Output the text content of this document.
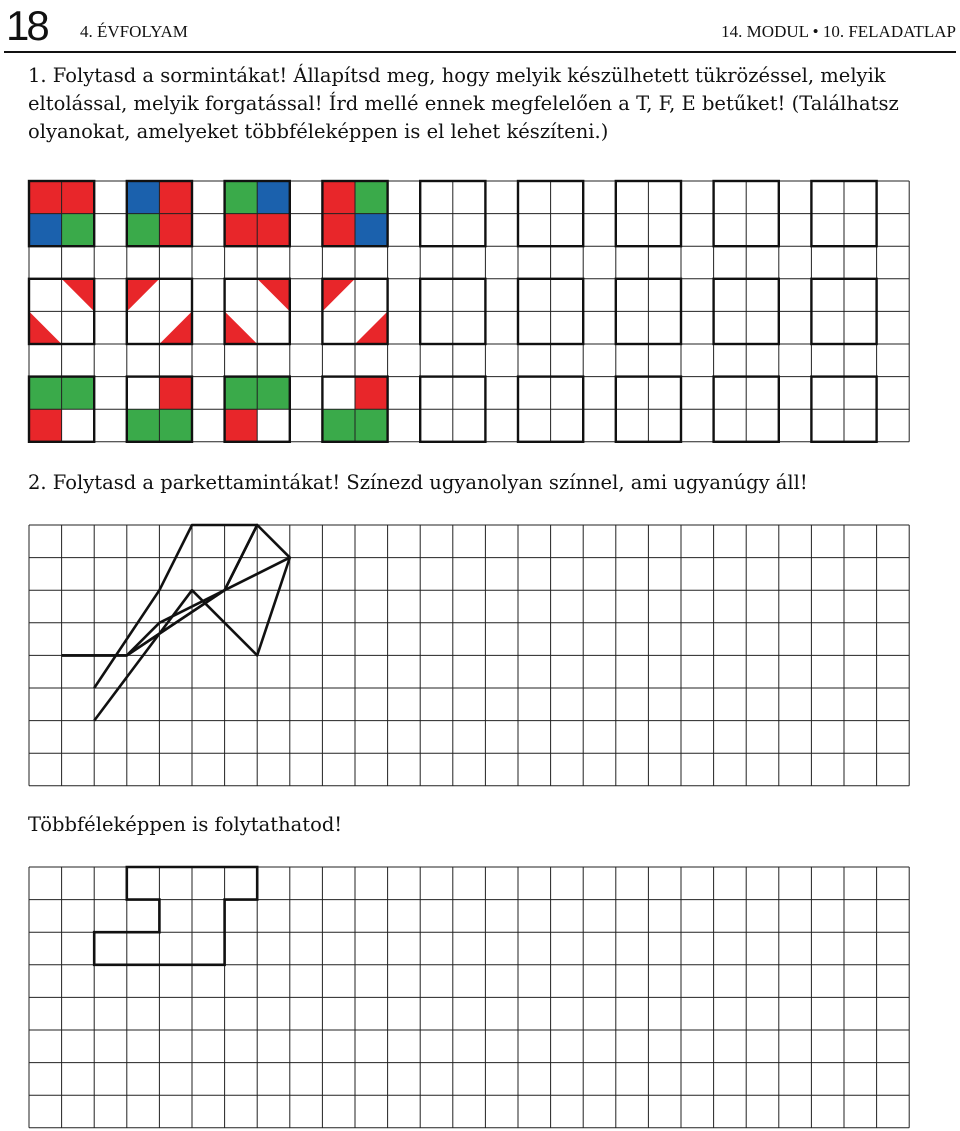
18 4. ÉVFOLYAM	14. MODUL • 10. FELADATLAP
1. Folytasd a sormintákat! Állapítsd meg, hogy melyik készülhetett tükrözéssel, melyik eltolással, melyik forgatással! Írd mellé ennek megfelelően a T, F, E betűket! (Találhatsz olyanokat, amelyeket többféleképpen is el lehet készíteni.)
2. Folytasd a parkettamintákat! Színezd ugyanolyan színnel, ami ugyanúgy áll!
Többféleképpen is folytathatod!
